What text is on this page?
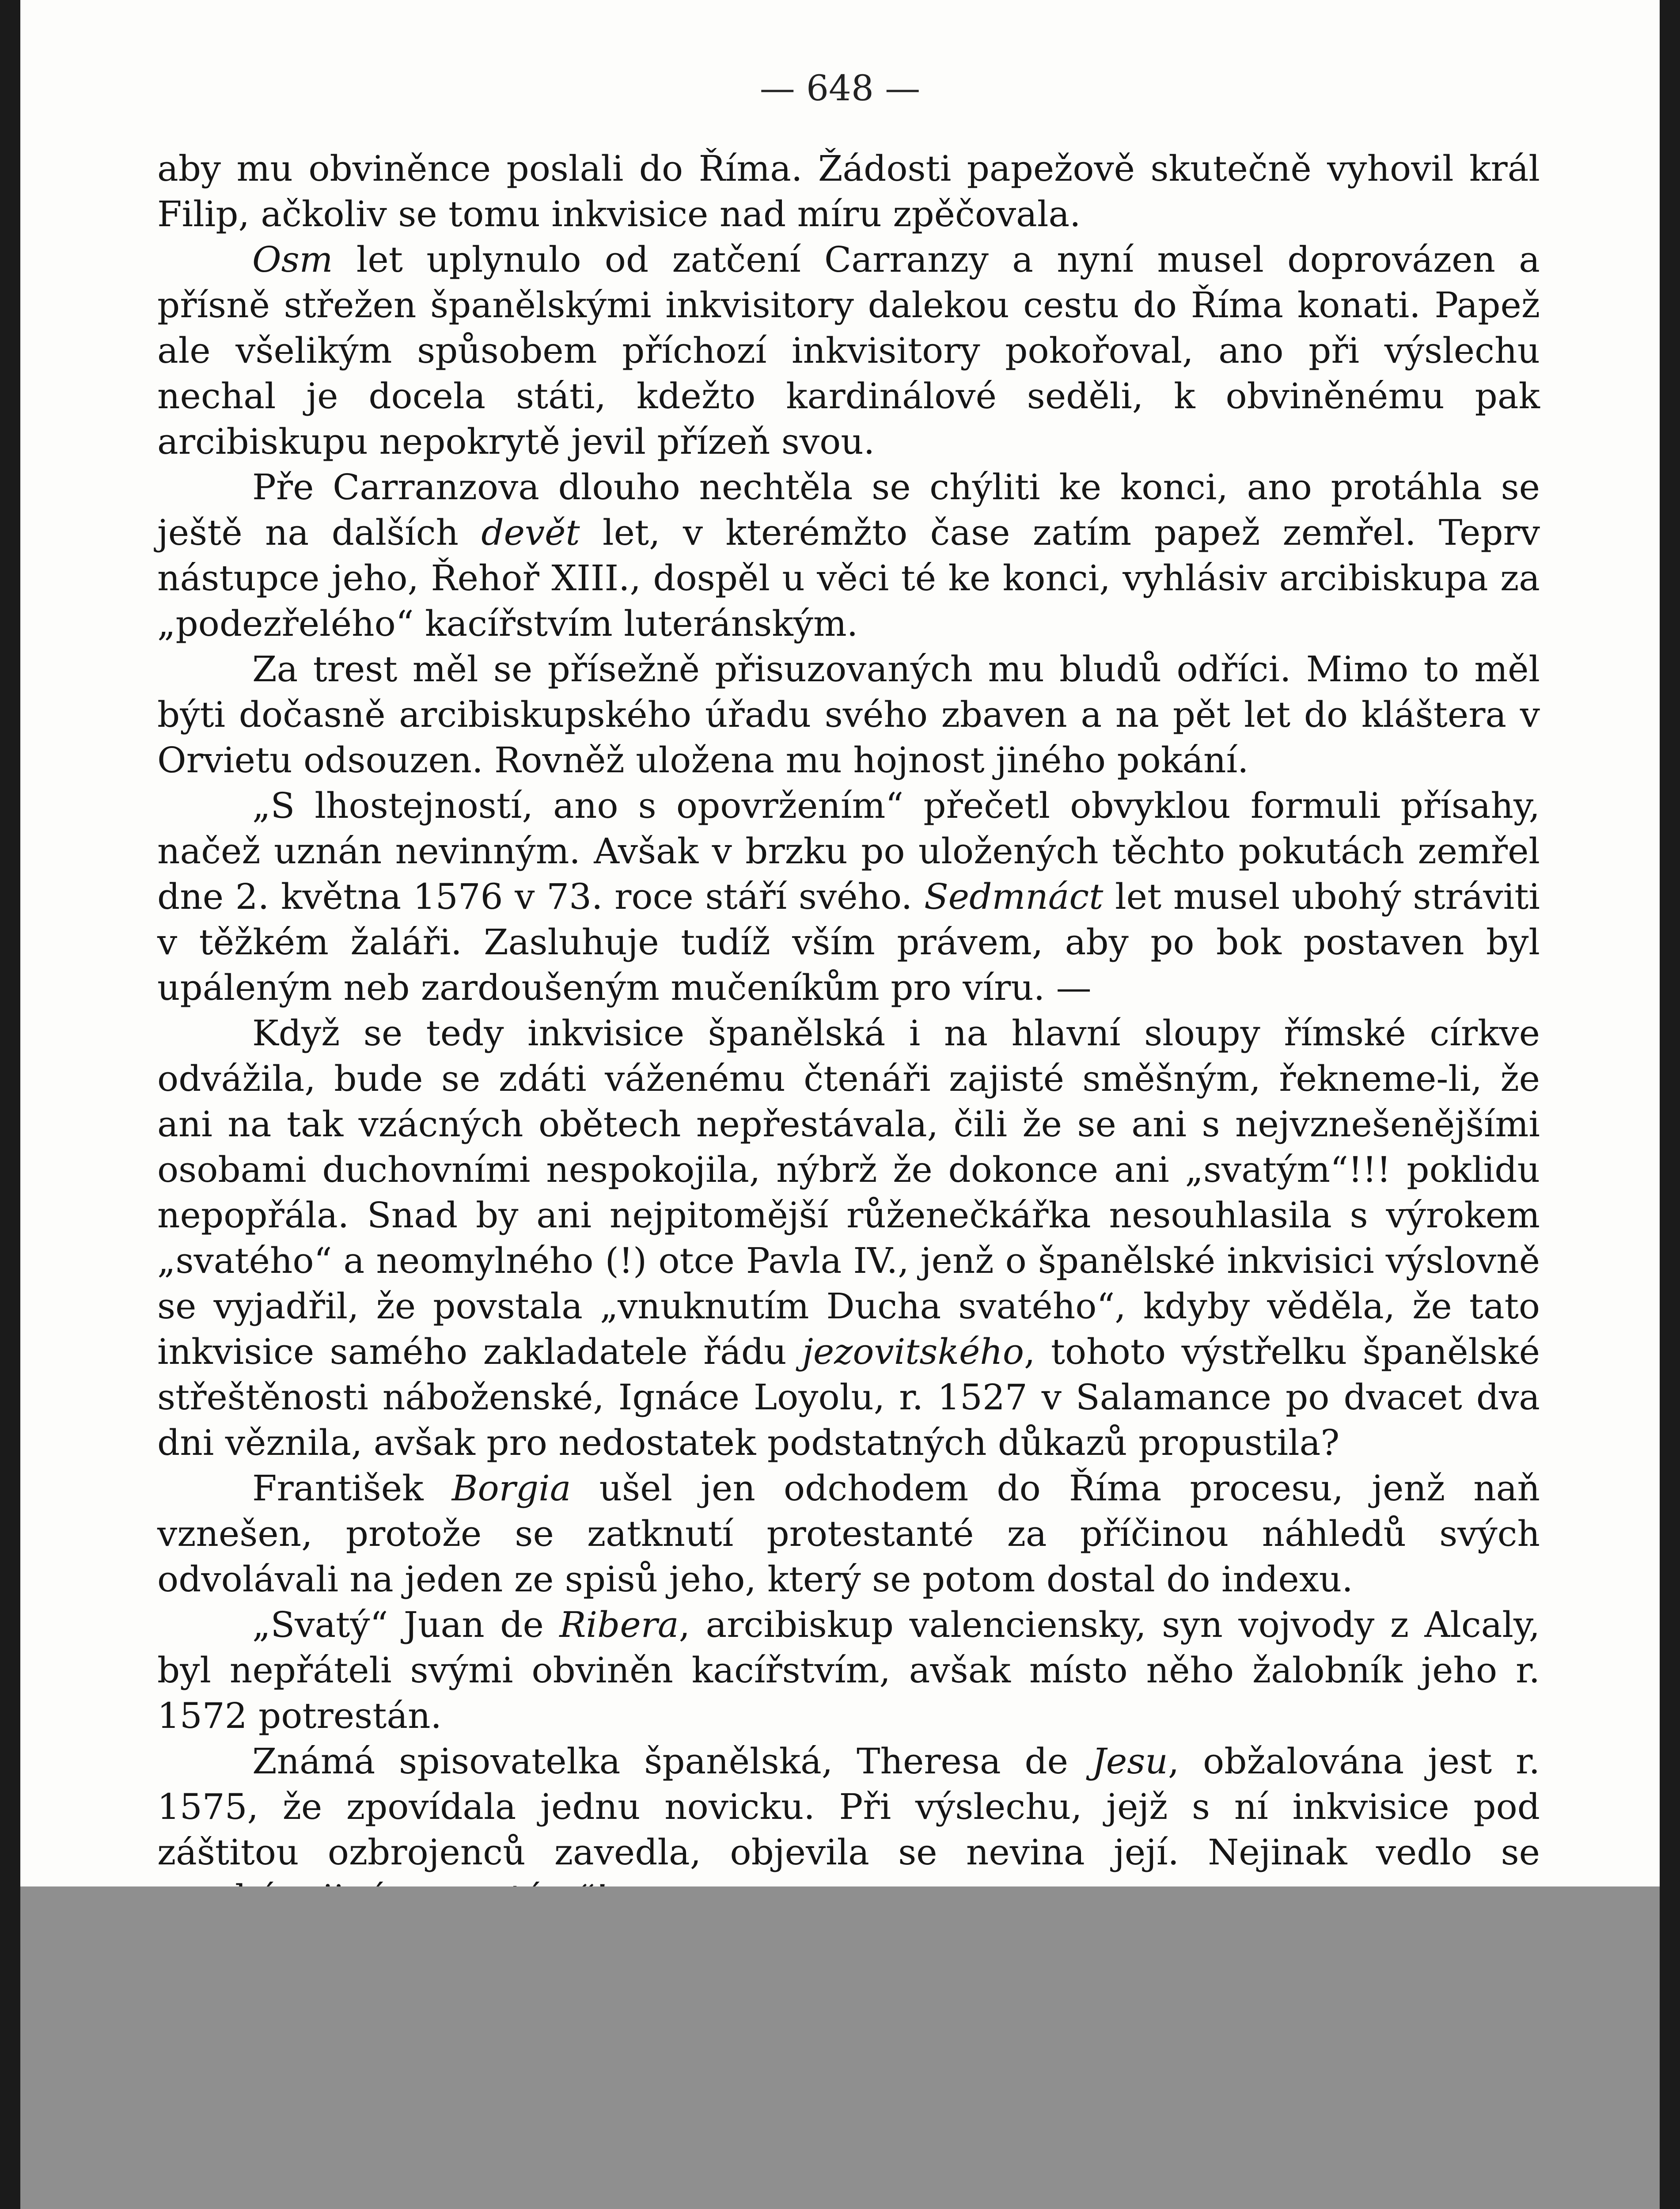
— 648 —

aby mu obviněnce poslali do Říma. Žádosti papežově skutečně vyhovil král Filip, ačkoliv se tomu inkvisice nad míru zpěčovala.

Osm let uplynulo od zatčení Carranzy a nyní musel doprovázen a přísně střežen španělskými inkvisitory dalekou cestu do Říma konati. Papež ale všelikým spůsobem příchozí inkvisitory pokořoval, ano při výslechu nechal je docela státi, kdežto kardinálové seděli, k obviněnému pak arcibiskupu nepokrytě jevil přízeň svou.

Pře Carranzova dlouho nechtěla se chýliti ke konci, ano protáhla se ještě na dalších devět let, v kterémžto čase zatím papež zemřel. Teprv nástupce jeho, Řehoř XIII., dospěl u věci té ke konci, vyhlásiv arcibiskupa za „podezřelého“ kacířstvím luteránským.

Za trest měl se přísežně přisuzovaných mu bludů odříci. Mimo to měl býti dočasně arcibiskupského úřadu svého zbaven a na pět let do kláštera v Orvietu odsouzen. Rovněž uložena mu hojnost jiného pokání.

„S lhostejností, ano s opovržením“ přečetl obvyklou formuli přísahy, načež uznán nevinným. Avšak v brzku po uložených těchto pokutách zemřel dne 2. května 1576 v 73. roce stáří svého. Sedmnáct let musel ubohý stráviti v těžkém žaláři. Zasluhuje tudíž vším právem, aby po bok postaven byl upáleným neb zardoušeným mučeníkům pro víru. —

Když se tedy inkvisice španělská i na hlavní sloupy římské církve odvážila, bude se zdáti váženému čtenáři zajisté směšným, řekneme-li, že ani na tak vzácných obětech nepřestávala, čili že se ani s nejvznešenějšími osobami duchovními nespokojila, nýbrž že dokonce ani „svatým“!!! poklidu nepopřála. Snad by ani nejpitomější růženečkářka nesouhlasila s výrokem „svatého“ a neomylného (!) otce Pavla IV., jenž o španělské inkvisici výslovně se vyjadřil, že povstala „vnuknutím Ducha svatého“, kdyby věděla, že tato inkvisice samého zakladatele řádu jezovitského, tohoto výstřelku španělské střeštěnosti náboženské, Ignáce Loyolu, r. 1527 v Salamance po dvacet dva dni věznila, avšak pro nedostatek podstatných důkazů propustila?

František Borgia ušel jen odchodem do Říma procesu, jenž naň vznešen, protože se zatknutí protestanté za příčinou náhledů svých odvolávali na jeden ze spisů jeho, který se potom dostal do indexu.

„Svatý“ Juan de Ribera, arcibiskup valenciensky, syn vojvody z Alcaly, byl nepřáteli svými obviněn kacířstvím, avšak místo něho žalobník jeho r. 1572 potrestán.

Známá spisovatelka španělská, Theresa de Jesu, obžalována jest r. 1575, že zpovídala jednu novicku. Při výslechu, jejž s ní inkvisice pod záštitou ozbrojenců zavedla, objevila se nevina její. Nejinak vedlo se
